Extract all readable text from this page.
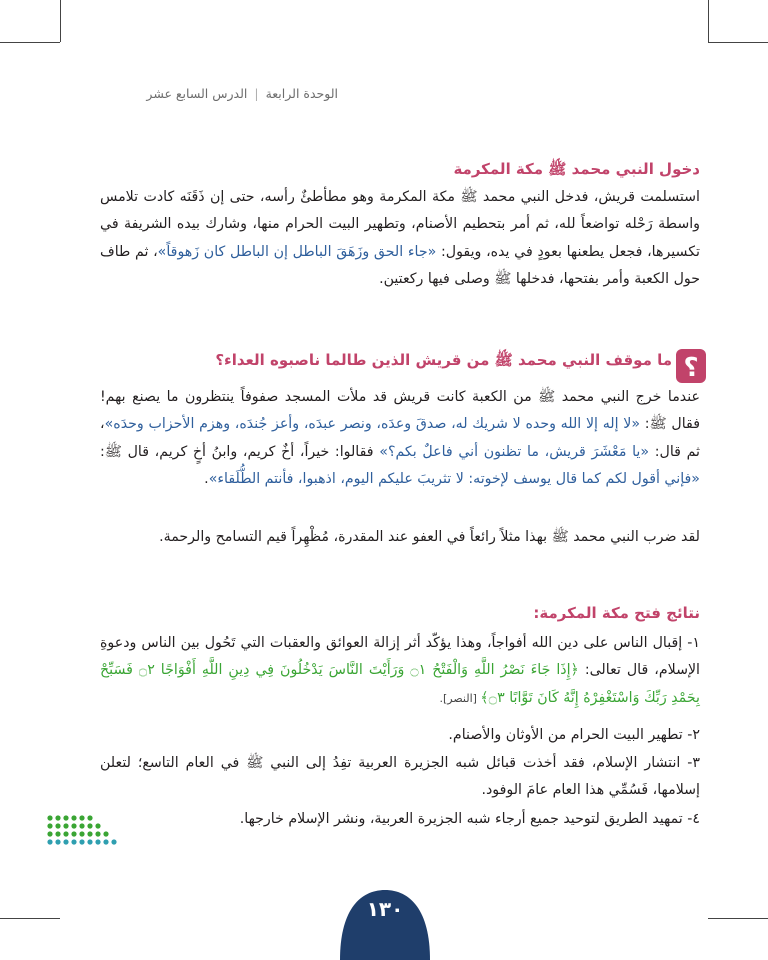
الوحدة الرابعة | الدرس السابع عشر
دخول النبي محمد ﷺ مكة المكرمة
استسلمت قريش، فدخل النبي محمد ﷺ مكة المكرمة وهو مطأطئٌ رأسه، حتى إن ذَقَنَه كادت تلامس واسطة رَحْله تواضعاً لله، ثم أمر بتحطيم الأصنام، وتطهير البيت الحرام منها، وشارك بيده الشريفة في تكسيرها، فجعل يطعنها بعودٍ في يده، ويقول: «جاء الحق وزَهَقَ الباطل إن الباطل كان زَهوقاً»، ثم طاف حول الكعبة وأمر بفتحها، فدخلها ﷺ وصلى فيها ركعتين.
؟
ما موقف النبي محمد ﷺ من قريش الذين طالما ناصبوه العداء؟
عندما خرج النبي محمد ﷺ من الكعبة كانت قريش قد ملأت المسجد صفوفاً ينتظرون ما يصنع بهم! فقال ﷺ: «لا إله إلا الله وحده لا شريك له، صدقَ وعدَه، ونصر عبدَه، وأعز جُندَه، وهزم الأحزاب وحدَه»، ثم قال: «يا مَعْشَرَ قريش، ما تظنون أني فاعلٌ بكم؟» فقالوا: خيراً، أخٌ كريم، وابنُ أخٍ كريم، قال ﷺ: «فإني أقول لكم كما قال يوسف لإخوته: لا تثريبَ عليكم اليوم، اذهبوا، فأنتم الطُّلَقاء».
لقد ضرب النبي محمد ﷺ بهذا مثلاً رائعاً في العفو عند المقدرة، مُظْهِراً قيم التسامح والرحمة.
نتائج فتح مكة المكرمة:
١- إقبال الناس على دين الله أفواجاً، وهذا يؤكّد أثر إزالة العوائق والعقبات التي تَحُول بين الناس ودعوةِ الإسلام، قال تعالى: ﴿إِذَا جَاءَ نَصْرُ اللَّهِ وَالْفَتْحُ ۝١ وَرَأَيْتَ النَّاسَ يَدْخُلُونَ فِي دِينِ اللَّهِ أَفْوَاجًا ۝٢ فَسَبِّحْ بِحَمْدِ رَبِّكَ وَاسْتَغْفِرْهُ إِنَّهُ كَانَ تَوَّابًا ۝٣﴾ [النصر].
٢- تطهير البيت الحرام من الأوثان والأصنام.
٣- انتشار الإسلام، فقد أخذت قبائل شبه الجزيرة العربية تفِدُ إلى النبي ﷺ في العام التاسع؛ لتعلن إسلامها، فَسُمِّي هذا العام عامَ الوفود.
٤- تمهيد الطريق لتوحيد جميع أرجاء شبه الجزيرة العربية، ونشر الإسلام خارجها.
١٣٠
